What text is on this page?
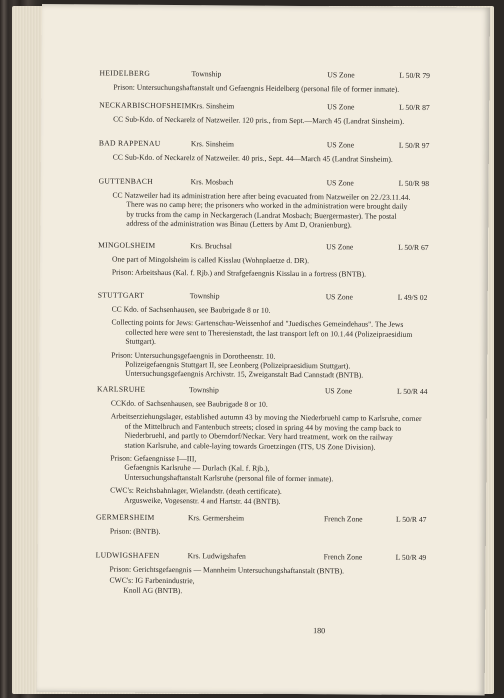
HEIDELBERG	Township	US Zone	L 50/R 79
Prison: Untersuchungshaftanstalt und Gefaengnis Heidelberg (personal file of former inmate).
NECKARBISCHOFSHEIM Krs. Sinsheim	US Zone	L 50/R 87
CC Sub-Kdo. of Neckarelz of Natzweiler. 120 pris., from Sept.—March 45 (Landrat Sinsheim).
BAD RAPPENAU	Krs. Sinsheim	US Zone	L 50/R 97
CC Sub-Kdo. of Neckarelz of Natzweiler. 40 pris., Sept. 44—March 45 (Landrat Sinsheim).
GUTTENBACH	Krs. Mosbach	US Zone	L 50/R 98
CC Natzweiler had its administration here after being evacuated from Natzweiler on 22./23.11.44.
There was no camp here; the prisoners who worked in the administration were brought daily
by trucks from the camp in Neckargerach (Landrat Mosbach; Buergermaster). The postal
address of the administration was Binau (Letters by Amt D, Oranienburg).
MINGOLSHEIM	Krs. Bruchsal	US Zone	L 50/R 67
One part of Mingolsheim is called Kisslau (Wohnplaetze d. DR).
Prison: Arbeitshaus (Kal. f. Rjb.) and Strafgefaengnis Kisslau in a fortress (BNTB).
STUTTGART	Township	US Zone	L 49/S 02
CC Kdo. of Sachsenhausen, see Baubrigade 8 or 10.
Collecting points for Jews: Gartenschau-Weissenhof and "Juedisches Gemeindehaus". The Jews
collected here were sent to Theresienstadt, the last transport left on 10.1.44 (Polizeipraesidium
Stuttgart).
Prison: Untersuchungsgefaengnis in Dorotheenstr. 10.
Polizeigefaengnis Stuttgart II, see Leonberg (Polizeipraesidium Stuttgart).
Untersuchungsgefaengnis Archivstr. 15, Zweiganstalt Bad Cannstadt (BNTB).
KARLSRUHE	Township	US Zone	L 50/R 44
CCKdo. of Sachsenhausen, see Baubrigade 8 or 10.
Arbeitserziehungslager, established autumn 43 by moving the Niederbruehl camp to Karlsruhe, corner
of the Mittelbruch and Fantenbuch streets; closed in spring 44 by moving the camp back to
Niederbruehl, and partly to Oberndorf/Neckar. Very hard treatment, work on the railway
station Karlsruhe, and cable-laying towards Groetzingen (ITS, US Zone Division).
Prison: Gefaengnisse I—III,
Gefaengnis Karlsruhe — Durlach (Kal. f. Rjb.),
Untersuchungshaftanstalt Karlsruhe (personal file of former inmate).
CWC's: Reichsbahnlager, Wielandstr. (death certificate).
Argusweike, Vogesenstr. 4 and Hartstr. 44 (BNTB).
GERMERSHEIM	Krs. Germersheim	French Zone	L 50/R 47
Prison: (BNTB).
LUDWIGSHAFEN	Krs. Ludwigshafen	French Zone	L 50/R 49
Prison: Gerichtsgefaengnis — Mannheim Untersuchungshaftanstalt (BNTB).
CWC's: IG Farbenindustrie,
Knoll AG (BNTB).
180
